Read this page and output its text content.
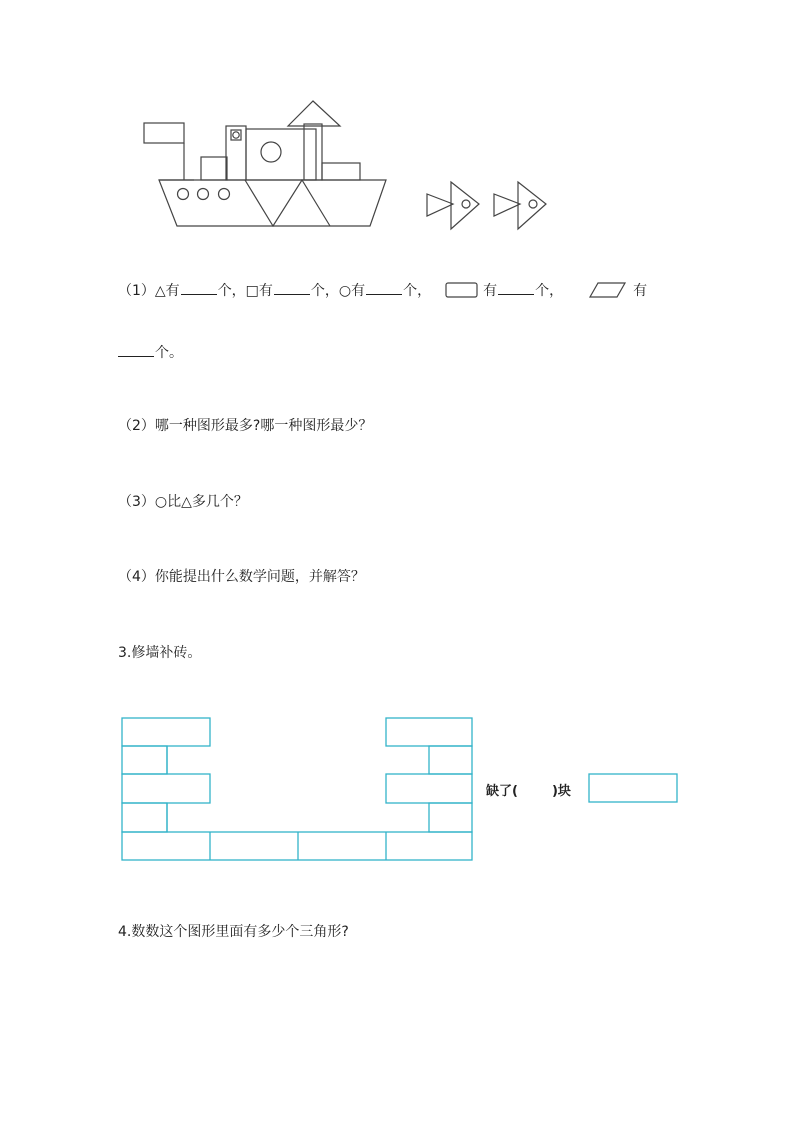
（1）△有	个，□有	个，○有	个，	有	个，	有
个。
（2）哪一种图形最多?哪一种图形最少？
（3）○比△多几个？
（4）你能提出什么数学问题，并解答？
3.修墙补砖。
缺了(	)块
4.数数这个图形里面有多少个三角形?
